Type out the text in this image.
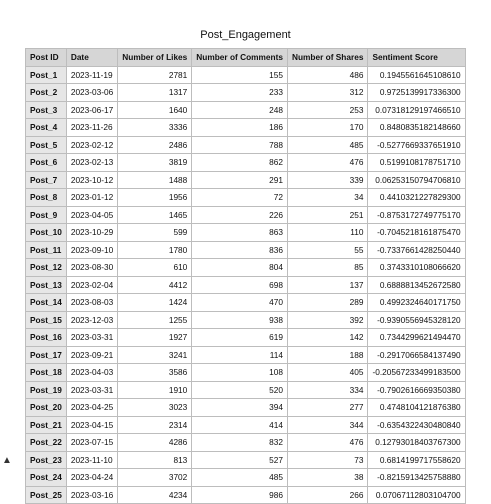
Post_Engagement
Post ID	Date	Number of Likes	Number of Comments	Number of Shares	Sentiment Score
Post_1	2023-11-19	2781	155	486	0.1945561645108610
Post_2	2023-03-06	1317	233	312	0.9725139917336300
Post_3	2023-06-17	1640	248	253	0.07318129197466510
Post_4	2023-11-26	3336	186	170	0.8480835182148660
Post_5	2023-02-12	2486	788	485	-0.5277669337651910
Post_6	2023-02-13	3819	862	476	0.5199108178751710
Post_7	2023-10-12	1488	291	339	0.06253150794706810
Post_8	2023-01-12	1956	72	34	0.4410321227829300
Post_9	2023-04-05	1465	226	251	-0.8753172749775170
Post_10	2023-10-29	599	863	110	-0.7045218161875470
Post_11	2023-09-10	1780	836	55	-0.7337661428250440
Post_12	2023-08-30	610	804	85	0.3743310108066620
Post_13	2023-02-04	4412	698	137	0.6888813452672580
Post_14	2023-08-03	1424	470	289	0.4992324640171750
Post_15	2023-12-03	1255	938	392	-0.9390556945328120
Post_16	2023-03-31	1927	619	142	0.7344299621494470
Post_17	2023-09-21	3241	114	188	-0.2917066584137490
Post_18	2023-04-03	3586	108	405	-0.20567233499183500
Post_19	2023-03-31	1910	520	334	-0.7902616669350380
Post_20	2023-04-25	3023	394	277	0.4748104121876380
Post_21	2023-04-15	2314	414	344	-0.6354322430480840
Post_22	2023-07-15	4286	832	476	0.12793018403767300
Post_23	2023-11-10	813	527	73	0.6814199717558620
Post_24	2023-04-24	3702	485	38	-0.8215913425758880
Post_25	2023-03-16	4234	986	266	0.07067112803104700
▲
